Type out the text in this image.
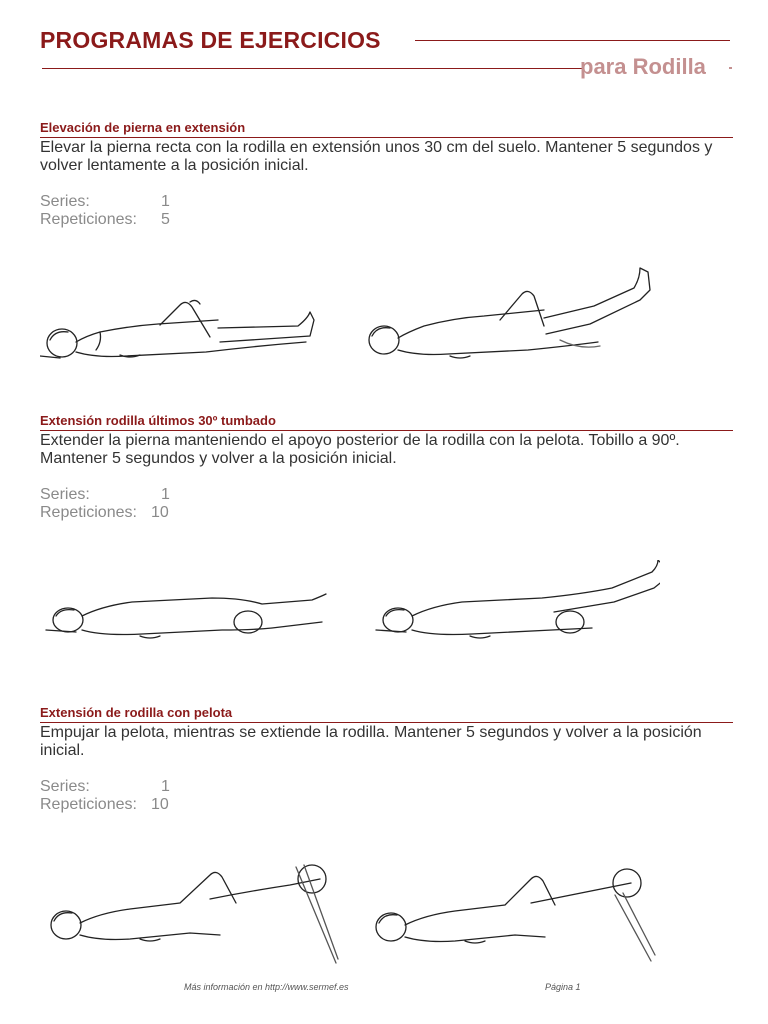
PROGRAMAS DE EJERCICIOS
para Rodilla
Elevación de pierna en extensión
Elevar la pierna recta con la rodilla en extensión unos 30 cm del suelo. Mantener 5 segundos y volver lentamente a la posición inicial.
Series:	1
Repeticiones:	5
Extensión rodilla últimos 30º tumbado
Extender la pierna manteniendo el apoyo posterior de la rodilla con la pelota. Tobillo a 90º. Mantener 5 segundos y volver a la posición inicial.
Series:	1
Repeticiones: 10
Extensión de rodilla con pelota
Empujar la pelota, mientras se extiende la rodilla. Mantener 5 segundos y volver a la posición inicial.
Series:	1
Repeticiones: 10
Más información en http://www.sermef.es	Página 1
